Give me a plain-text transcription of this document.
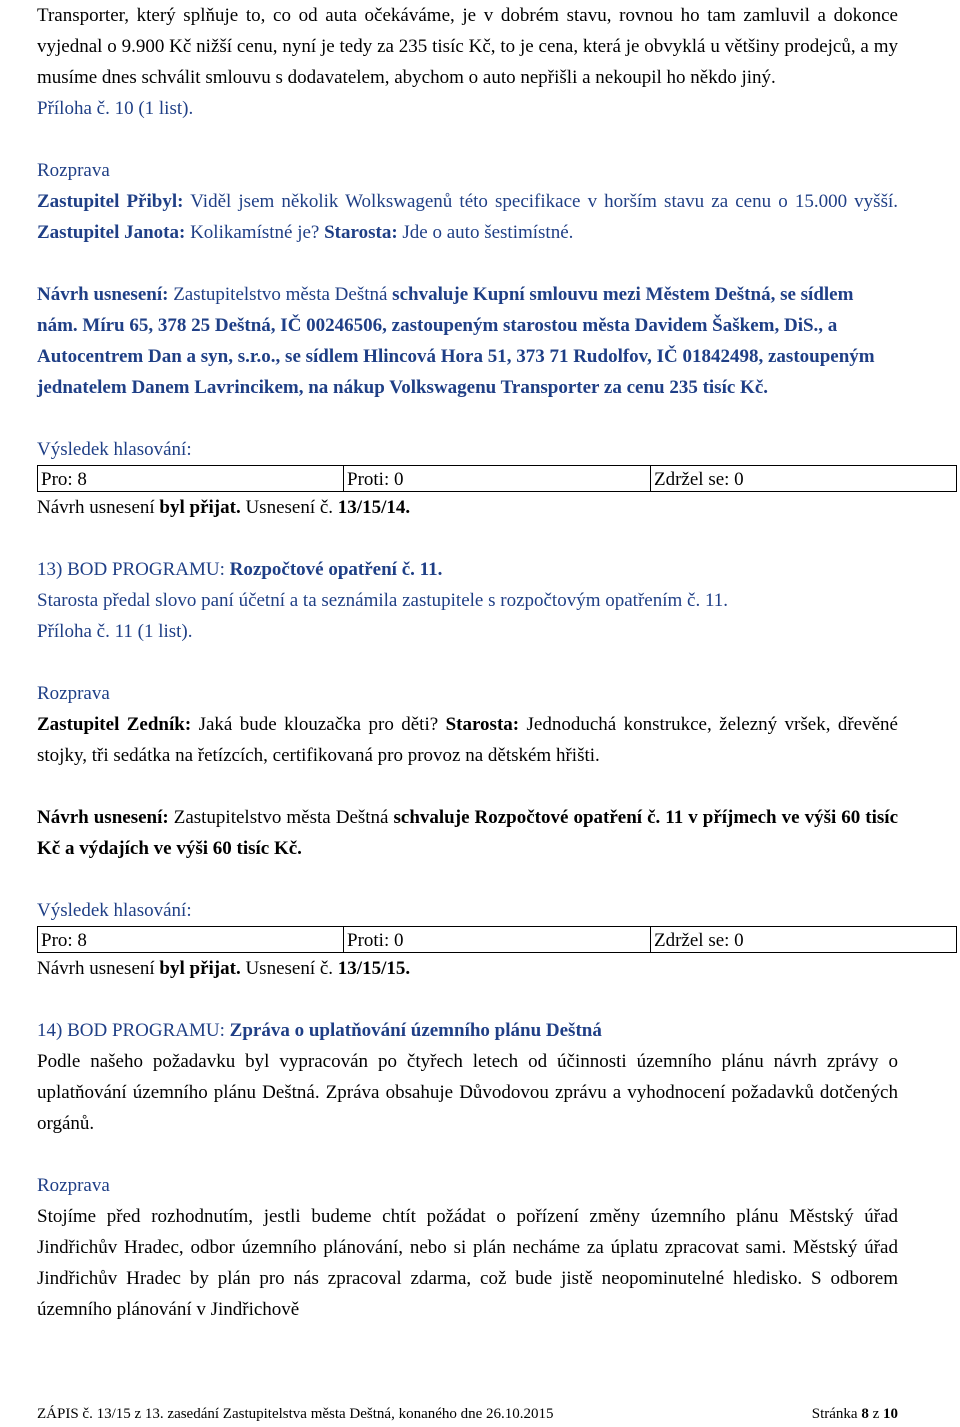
Transporter, který splňuje to, co od auta očekáváme, je v dobrém stavu, rovnou ho tam zamluvil a dokonce vyjednal o 9.900 Kč nižší cenu, nyní je tedy za 235 tisíc Kč, to je cena, která je obvyklá u většiny prodejců, a my musíme dnes schválit smlouvu s dodavatelem, abychom o auto nepřišli a nekoupil ho někdo jiný.

Příloha č. 10 (1 list).

Rozprava

Zastupitel Přibyl: Viděl jsem několik Wolkswagenů této specifikace v horším stavu za cenu o 15.000 vyšší. Zastupitel Janota: Kolikamístné je? Starosta: Jde o auto šestimístné.

Návrh usnesení: Zastupitelstvo města Deštná schvaluje Kupní smlouvu mezi Městem Deštná, se sídlem nám. Míru 65, 378 25 Deštná, IČ 00246506, zastoupeným starostou města Davidem Šaškem, DiS., a Autocentrem Dan a syn, s.r.o., se sídlem Hlincová Hora 51, 373 71 Rudolfov, IČ 01842498, zastoupeným jednatelem Danem Lavrincikem, na nákup Volkswagenu Transporter za cenu 235 tisíc Kč.

Výsledek hlasování:

Pro: 8	Proti: 0	Zdržel se: 0

Návrh usnesení byl přijat. Usnesení č. 13/15/14.

13) BOD PROGRAMU: Rozpočtové opatření č. 11.

Starosta předal slovo paní účetní a ta seznámila zastupitele s rozpočtovým opatřením č. 11.

Příloha č. 11 (1 list).

Rozprava

Zastupitel Zedník: Jaká bude klouzačka pro děti? Starosta: Jednoduchá konstrukce, železný vršek, dřevěné stojky, tři sedátka na řetízcích, certifikovaná pro provoz na dětském hřišti.

Návrh usnesení: Zastupitelstvo města Deštná schvaluje Rozpočtové opatření č. 11 v příjmech ve výši 60 tisíc Kč a výdajích ve výši 60 tisíc Kč.

Výsledek hlasování:

Pro: 8	Proti: 0	Zdržel se: 0

Návrh usnesení byl přijat. Usnesení č. 13/15/15.

14) BOD PROGRAMU: Zpráva o uplatňování územního plánu Deštná

Podle našeho požadavku byl vypracován po čtyřech letech od účinnosti územního plánu návrh zprávy o uplatňování územního plánu Deštná. Zpráva obsahuje Důvodovou zprávu a vyhodnocení požadavků dotčených orgánů.

Rozprava

Stojíme před rozhodnutím, jestli budeme chtít požádat o pořízení změny územního plánu Městský úřad Jindřichův Hradec, odbor územního plánování, nebo si plán necháme za úplatu zpracovat sami. Městský úřad Jindřichův Hradec by plán pro nás zpracoval zdarma, což bude jistě neopominutelné hledisko. S odborem územního plánování v Jindřichově

ZÁPIS č. 13/15 z 13. zasedání Zastupitelstva města Deštná, konaného dne 26.10.2015	Stránka 8 z 10
